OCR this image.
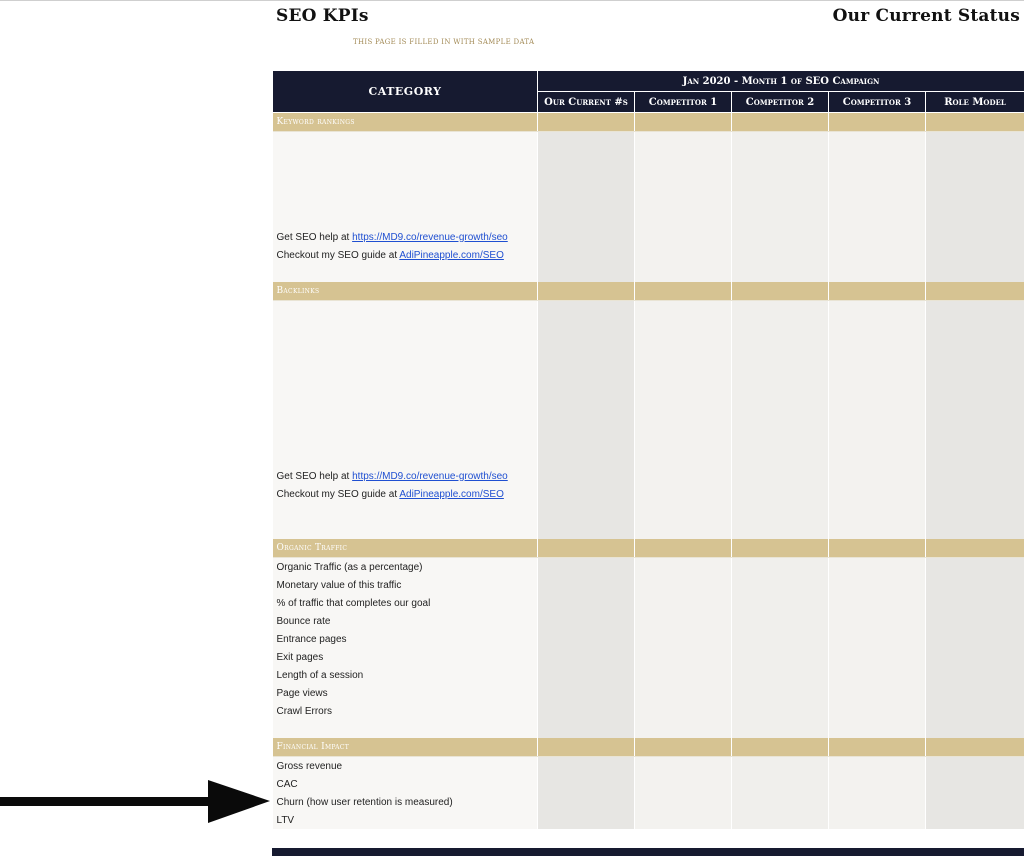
SEO KPIs	Our Current Status
THIS PAGE IS FILLED IN WITH SAMPLE DATA
CATEGORY	Jan 2020 - Month 1 of SEO Campaign				
	Our Current #s	Competitor 1	Competitor 2	Competitor 3	Role Model
Keyword rankings					

Get SEO help at https://MD9.co/revenue-growth/seo					
Checkout my SEO guide at AdiPineapple.com/SEO					

Backlinks					

Get SEO help at https://MD9.co/revenue-growth/seo					
Checkout my SEO guide at AdiPineapple.com/SEO					

Organic Traffic					
Organic Traffic (as a percentage)					
Monetary value of this traffic					
% of traffic that completes our goal					
Bounce rate					
Entrance pages					
Exit pages					
Length of a session					
Page views					
Crawl Errors					

Financial Impact					
Gross revenue					
CAC					
Churn (how user retention is measured)					
LTV					
